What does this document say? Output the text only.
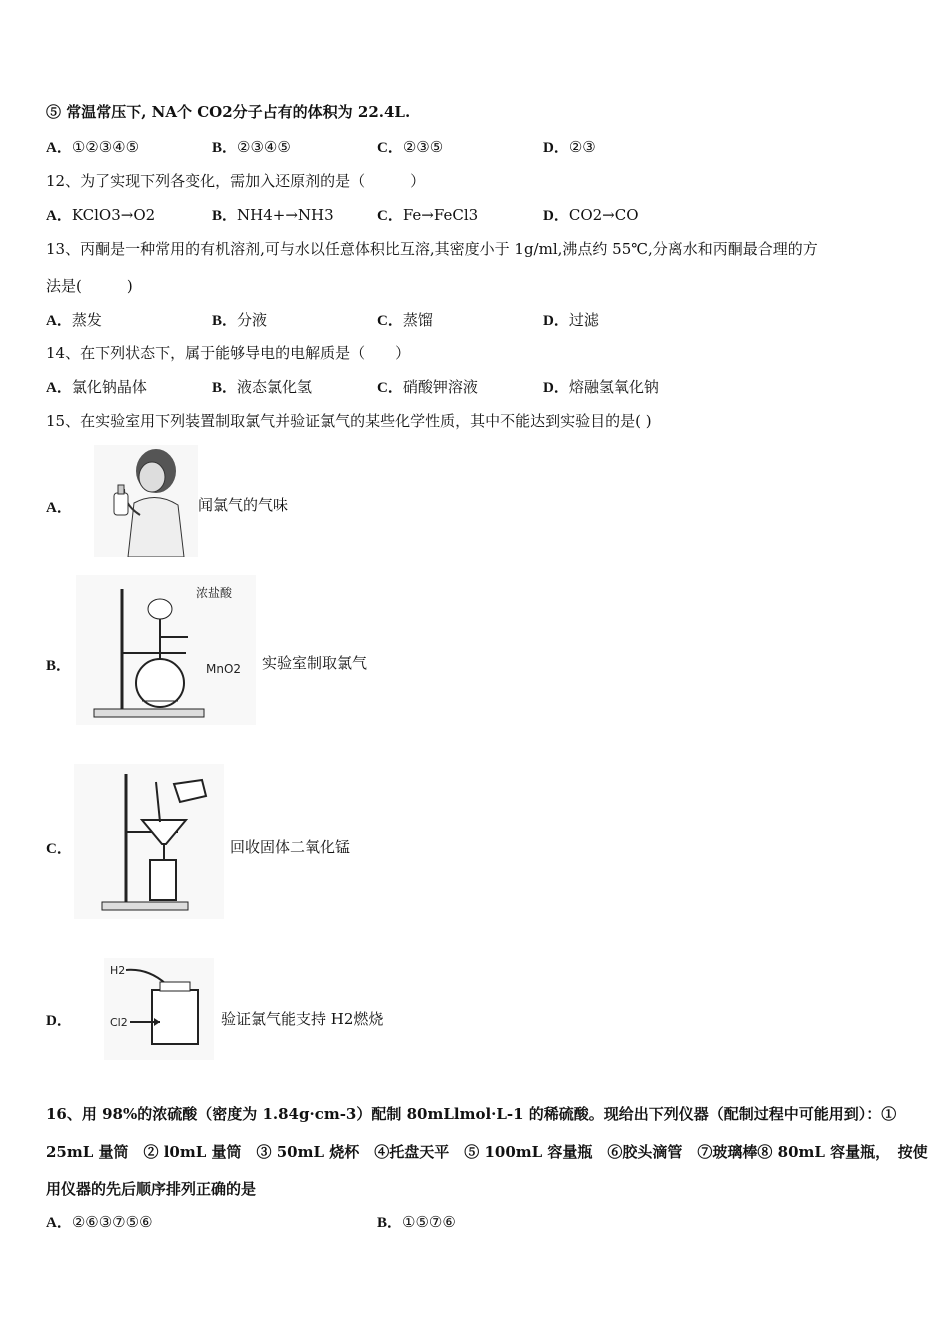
⑤ 常温常压下, NA个 CO2分子占有的体积为 22.4L.
A．①②③④⑤	B．②③④⑤	C．②③⑤	D．②③
12、为了实现下列各变化，需加入还原剂的是（　　　）
A．KClO3→O2	B．NH4+→NH3	C．Fe→FeCl3	D．CO2→CO
13、丙酮是一种常用的有机溶剂,可与水以任意体积比互溶,其密度小于 1g/ml,沸点约 55℃,分离水和丙酮最合理的方
法是(　　　)
A．蒸发	B．分液	C．蒸馏	D．过滤
14、在下列状态下，属于能够导电的电解质是（　　）
A．氯化钠晶体	B．液态氯化氢	C．硝酸钾溶液	D．熔融氢氧化钠
15、在实验室用下列装置制取氯气并验证氯气的某些化学性质，其中不能达到实验目的是( )
A．	闻氯气的气味
B．
浓盐酸
MnO2 实验室制取氯气
C．	回收固体二氧化锰
D．
H2
Cl2	验证氯气能支持 H2燃烧
16、用 98%的浓硫酸（密度为 1.84g·cm-3）配制 80mLlmol·L-1 的稀硫酸。现给出下列仪器（配制过程中可能用到）：①
25mL 量筒　② l0mL 量筒　③ 50mL 烧杯　④托盘天平　⑤ 100mL 容量瓶　⑥胶头滴管　⑦玻璃棒⑧ 80mL 容量瓶，　按使
用仪器的先后顺序排列正确的是
A．②⑥③⑦⑤⑥	B．①⑤⑦⑥
